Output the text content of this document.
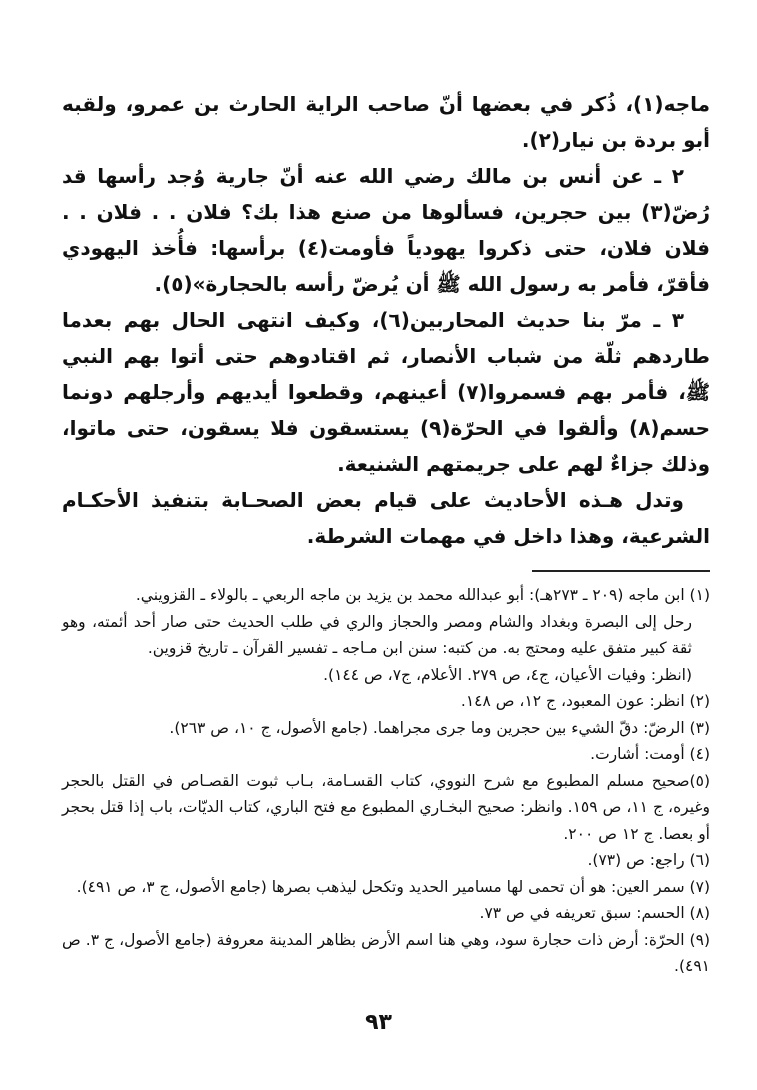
ماجه(١)، ذُكر في بعضها أنّ صاحب الراية الحارث بن عمرو، ولقبه أبو بردة بن نيار(٢).

٢ ـ عن أنس بن مالك رضي الله عنه أنّ جارية وُجد رأسها قد رُضّ(٣) بين حجرين، فسألوها من صنع هذا بك؟ فلان . . فلان . . فلان فلان، حتى ذكروا يهودياً فأومت(٤) برأسها: فأُخذ اليهودي فأقرّ، فأمر به رسول الله ﷺ أن يُرضّ رأسه بالحجارة»(٥).

٣ ـ مرّ بنا حديث المحاربين(٦)، وكيف انتهى الحال بهم بعدما طاردهم ثلّة من شباب الأنصار، ثم اقتادوهم حتى أتوا بهم النبي ﷺ، فأمر بهم فسمروا(٧) أعينهم، وقطعوا أيديهم وأرجلهم دونما حسم(٨) وألقوا في الحرّة(٩) يستسقون فلا يسقون، حتى ماتوا، وذلك جزاءٌ لهم على جريمتهم الشنيعة.

وتدل هـذه الأحاديث على قيام بعض الصحـابة بتنفيذ الأحكـام الشرعية، وهذا داخل في مهمات الشرطة.

(١) ابن ماجه (٢٠٩ ـ ٢٧٣هـ): أبو عبدالله محمد بن يزيد بن ماجه الربعي ـ بالولاء ـ القزويني.

رحل إلى البصرة وبغداد والشام ومصر والحجاز والري في طلب الحديث حتى صار أحد أئمته، وهو ثقة كبير متفق عليه ومحتج به. من كتبه: سنن ابن مـاجه ـ تفسير القرآن ـ تاريخ قزوين.

(انظر: وفيات الأعيان، ج٤، ص ٢٧٩. الأعلام، ج٧، ص ١٤٤).

(٢) انظر: عون المعبود، ج ١٢، ص ١٤٨.

(٣) الرضّ: دقّ الشيء بين حجرين وما جرى مجراهما. (جامع الأصول، ج ١٠، ص ٢٦٣).

(٤) أومت: أشارت.

(٥)صحيح مسلم المطبوع مع شرح النووي، كتاب القسـامة، بـاب ثبوت القصـاص في القتل بالحجر وغيره، ج ١١، ص ١٥٩. وانظر: صحيح البخـاري المطبوع مع فتح الباري، كتاب الديّات، باب إذا قتل بحجر أو بعصا. ج ١٢ ص ٢٠٠.

(٦) راجع: ص (٧٣).

(٧) سمر العين: هو أن تحمى لها مسامير الحديد وتكحل ليذهب بصرها (جامع الأصول، ج ٣، ص ٤٩١).

(٨) الحسم: سبق تعريفه في ص ٧٣.

(٩) الحرّة: أرض ذات حجارة سود، وهي هنا اسم الأرض بظاهر المدينة معروفة (جامع الأصول، ج ٣. ص ٤٩١).

٩٣
